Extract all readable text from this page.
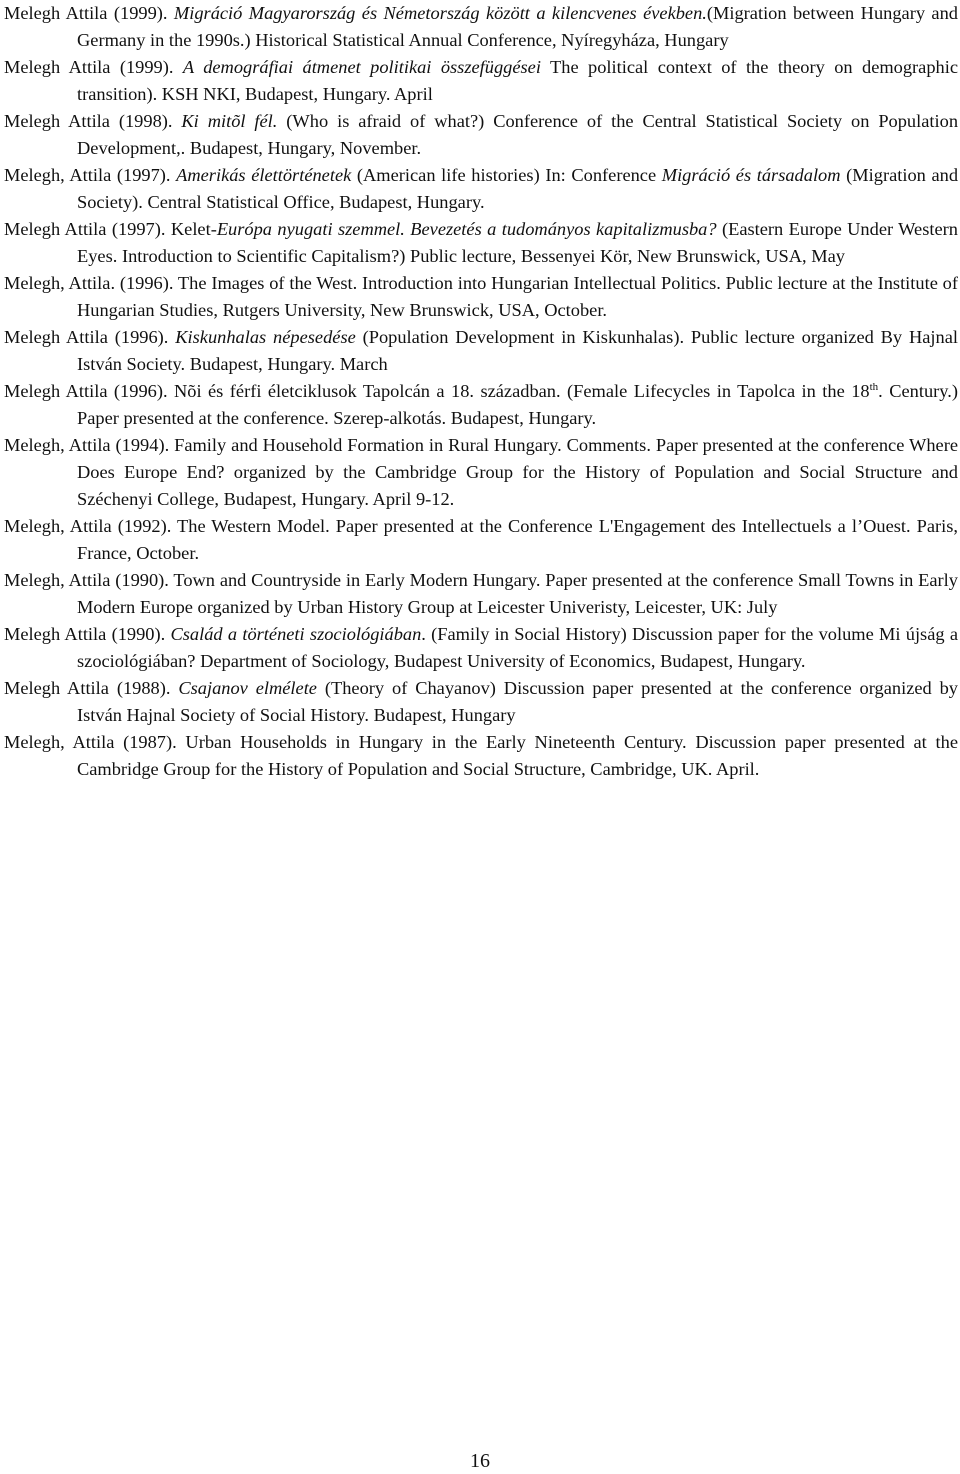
Melegh Attila (1999). Migráció Magyarország és Németország között a kilencvenes években.(Migration between Hungary and Germany in the 1990s.) Historical Statistical Annual Conference, Nyíregyháza, Hungary
Melegh Attila (1999). A demográfiai átmenet politikai összefüggései The political context of the theory on demographic transition). KSH NKI, Budapest, Hungary. April
Melegh Attila (1998). Ki mitõl fél. (Who is afraid of what?) Conference of the Central Statistical Society on Population Development,. Budapest, Hungary, November.
Melegh, Attila (1997). Amerikás élettörténetek (American life histories) In: Conference Migráció és társadalom (Migration and Society). Central Statistical Office, Budapest, Hungary.
Melegh Attila (1997). Kelet-Európa nyugati szemmel. Bevezetés a tudományos kapitalizmusba? (Eastern Europe Under Western Eyes. Introduction to Scientific Capitalism?) Public lecture, Bessenyei Kör, New Brunswick, USA, May
Melegh, Attila. (1996). The Images of the West. Introduction into Hungarian Intellectual Politics. Public lecture at the Institute of Hungarian Studies, Rutgers University, New Brunswick, USA, October.
Melegh Attila (1996). Kiskunhalas népesedése (Population Development in Kiskunhalas). Public lecture organized By Hajnal István Society. Budapest, Hungary. March
Melegh Attila (1996). Nõi és férfi életciklusok Tapolcán a 18. században. (Female Lifecycles in Tapolca in the 18th. Century.) Paper presented at the conference. Szerep-alkotás. Budapest, Hungary.
Melegh, Attila (1994). Family and Household Formation in Rural Hungary. Comments. Paper presented at the conference Where Does Europe End? organized by the Cambridge Group for the History of Population and Social Structure and Széchenyi College, Budapest, Hungary. April 9-12.
Melegh, Attila (1992). The Western Model. Paper presented at the Conference L'Engagement des Intellectuels a l’Ouest. Paris, France, October.
Melegh, Attila (1990). Town and Countryside in Early Modern Hungary. Paper presented at the conference Small Towns in Early Modern Europe organized by Urban History Group at Leicester Univeristy, Leicester, UK: July
Melegh Attila (1990). Család a történeti szociológiában. (Family in Social History) Discussion paper for the volume Mi újság a szociológiában? Department of Sociology, Budapest University of Economics, Budapest, Hungary.
Melegh Attila (1988). Csajanov elmélete (Theory of Chayanov) Discussion paper presented at the conference organized by István Hajnal Society of Social History. Budapest, Hungary
Melegh, Attila (1987). Urban Households in Hungary in the Early Nineteenth Century. Discussion paper presented at the Cambridge Group for the History of Population and Social Structure, Cambridge, UK. April.
16
